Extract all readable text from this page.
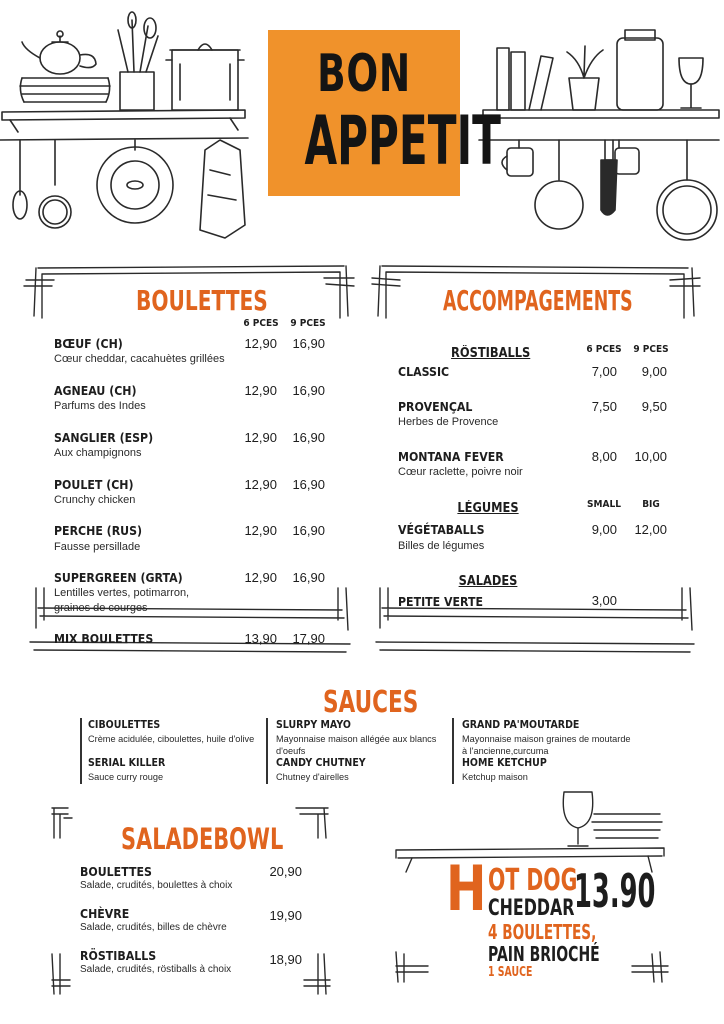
BON
APPETIT
BOULETTES
6 PCES	9 PCES
BŒUF (CH)
Cœur cheddar, cacahuètes grillées
12,90	16,90
AGNEAU (CH)
Parfums des Indes
12,90	16,90
SANGLIER (ESP)
Aux champignons
12,90	16,90
POULET (CH)
Crunchy chicken
12,90	16,90
PERCHE (RUS)
Fausse persillade
12,90	16,90
SUPERGREEN (GRTA)
Lentilles vertes, potimarron,
graines de courges
12,90	16,90
MIX BOULETTES	13,90	17,90
ACCOMPAGEMENTS
RÖSTIBALLS	6 PCES	9 PCES
CLASSIC	7,00	9,00
PROVENÇAL
Herbes de Provence
7,50	9,50
MONTANA FEVER
Cœur raclette, poivre noir
8,00	10,00
LÉGUMES	SMALL	BIG
VÉGÉTABALLS
Billes de légumes
9,00	12,00
SALADES
PETITE VERTE	3,00
SAUCES
CIBOULETTES
Crème acidulée, ciboulettes, huile d'olive
SERIAL KILLER
Sauce curry rouge
SLURPY MAYO
Mayonnaise maison allégée aux blancs
d'oeufs
CANDY CHUTNEY
Chutney d'airelles
GRAND PA'MOUTARDE
Mayonnaise maison graines de moutarde
à l'ancienne,curcuma
HOME KETCHUP
Ketchup maison
SALADEBOWL
BOULETTES
Salade, crudités, boulettes à choix
20,90
CHÈVRE
Salade, crudités, billes de chèvre
19,90
RÖSTIBALLS
Salade, crudités, röstiballs à choix
18,90
H OT DOG
13.90
CHEDDAR
4 BOULETTES,
PAIN BRIOCHÉ
1 SAUCE
